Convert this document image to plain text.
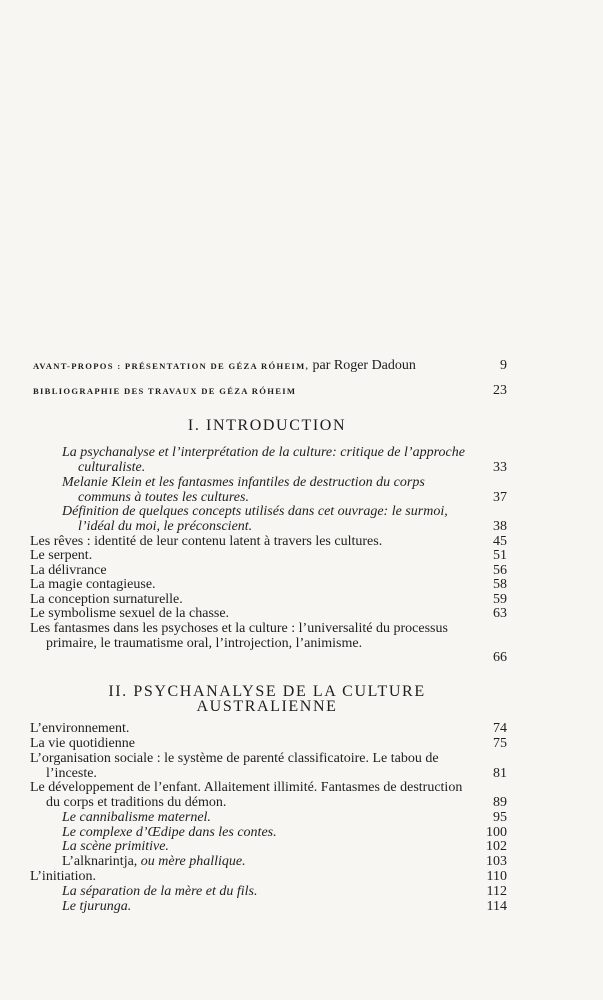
AVANT-PROPOS : PRÉSENTATION DE GÉZA RÓHEIM, par Roger Dadoun	9
BIBLIOGRAPHIE DES TRAVAUX DE GÉZA RÓHEIM	23
I. INTRODUCTION
La psychanalyse et l’interprétation de la culture: critique de l’approche culturaliste.	33
Melanie Klein et les fantasmes infantiles de destruction du corps communs à toutes les cultures.	37
Définition de quelques concepts utilisés dans cet ouvrage: le surmoi, l’idéal du moi, le préconscient.	38
Les rêves : identité de leur contenu latent à travers les cultures.	45
Le serpent.	51
La délivrance	56
La magie contagieuse.	58
La conception surnaturelle.	59
Le symbolisme sexuel de la chasse.	63
Les fantasmes dans les psychoses et la culture : l’universalité du processus primaire, le traumatisme oral, l’introjection, l’animisme.
66
II. PSYCHANALYSE DE LA CULTURE
AUSTRALIENNE
L’environnement.	74
La vie quotidienne	75
L’organisation sociale : le système de parenté classificatoire. Le tabou de l’inceste.	81
Le développement de l’enfant. Allaitement illimité. Fantasmes de destruction du corps et traditions du démon.	89
Le cannibalisme maternel.	95
Le complexe d’Œdipe dans les contes.	100
La scène primitive.	102
L’alknarintja, ou mère phallique.	103
L’initiation.	110
La séparation de la mère et du fils.	112
Le tjurunga.	114
